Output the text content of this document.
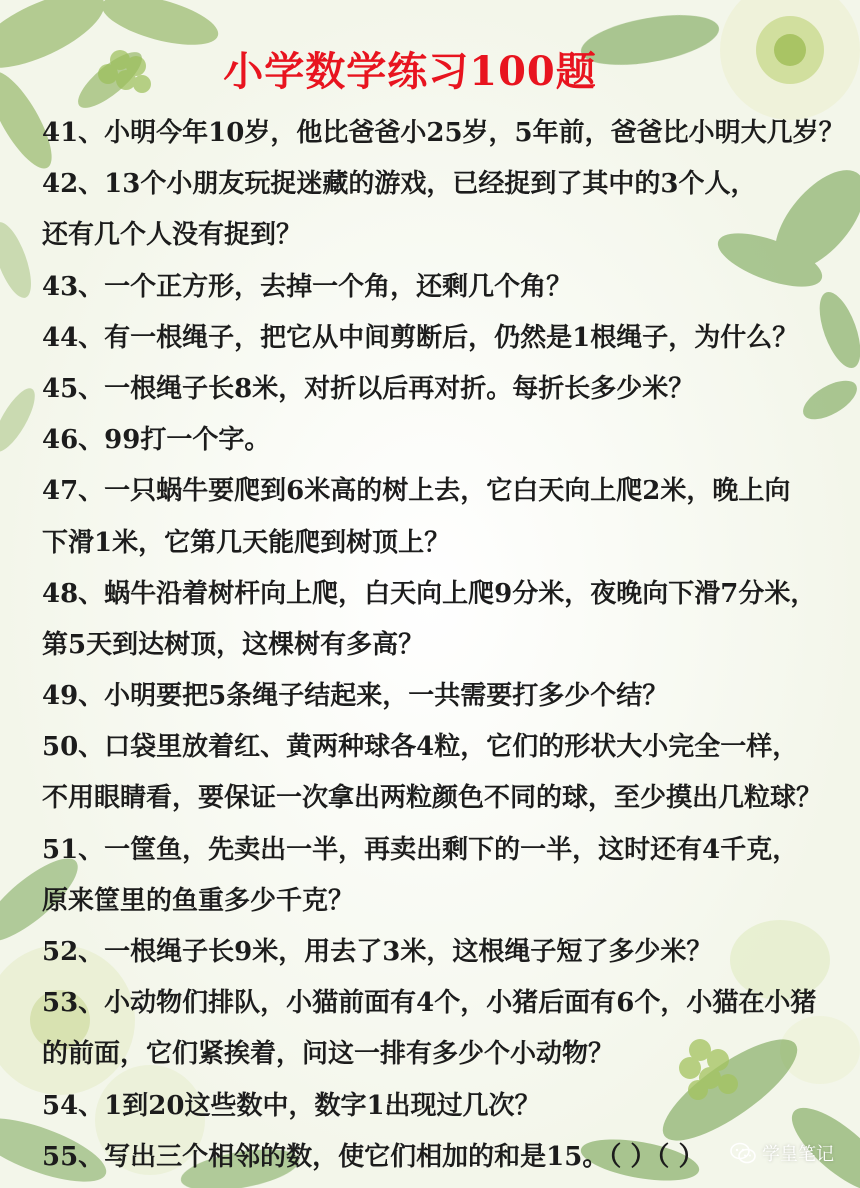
小学数学练习100题
41、小明今年10岁，他比爸爸小25岁，5年前，爸爸比小明大几岁？
42、13个小朋友玩捉迷藏的游戏，已经捉到了其中的3个人，
还有几个人没有捉到？
43、一个正方形，去掉一个角，还剩几个角？
44、有一根绳子，把它从中间剪断后，仍然是1根绳子，为什么？
45、一根绳子长8米，对折以后再对折。每折长多少米？
46、99打一个字。
47、一只蜗牛要爬到6米高的树上去，它白天向上爬2米，晚上向
下滑1米，它第几天能爬到树顶上？
48、蜗牛沿着树杆向上爬，白天向上爬9分米，夜晚向下滑7分米，
第5天到达树顶，这棵树有多高？
49、小明要把5条绳子结起来，一共需要打多少个结？
50、口袋里放着红、黄两种球各4粒，它们的形状大小完全一样，
不用眼睛看，要保证一次拿出两粒颜色不同的球，至少摸出几粒球？
51、一筐鱼，先卖出一半，再卖出剩下的一半，这时还有4千克，
原来筐里的鱼重多少千克？
52、一根绳子长9米，用去了3米，这根绳子短了多少米？
53、小动物们排队，小猫前面有4个，小猪后面有6个，小猫在小猪
的前面，它们紧挨着，问这一排有多少个小动物？
54、1到20这些数中，数字1出现过几次？
55、写出三个相邻的数，使它们相加的和是15。（ ）（ ）	学皇笔记
